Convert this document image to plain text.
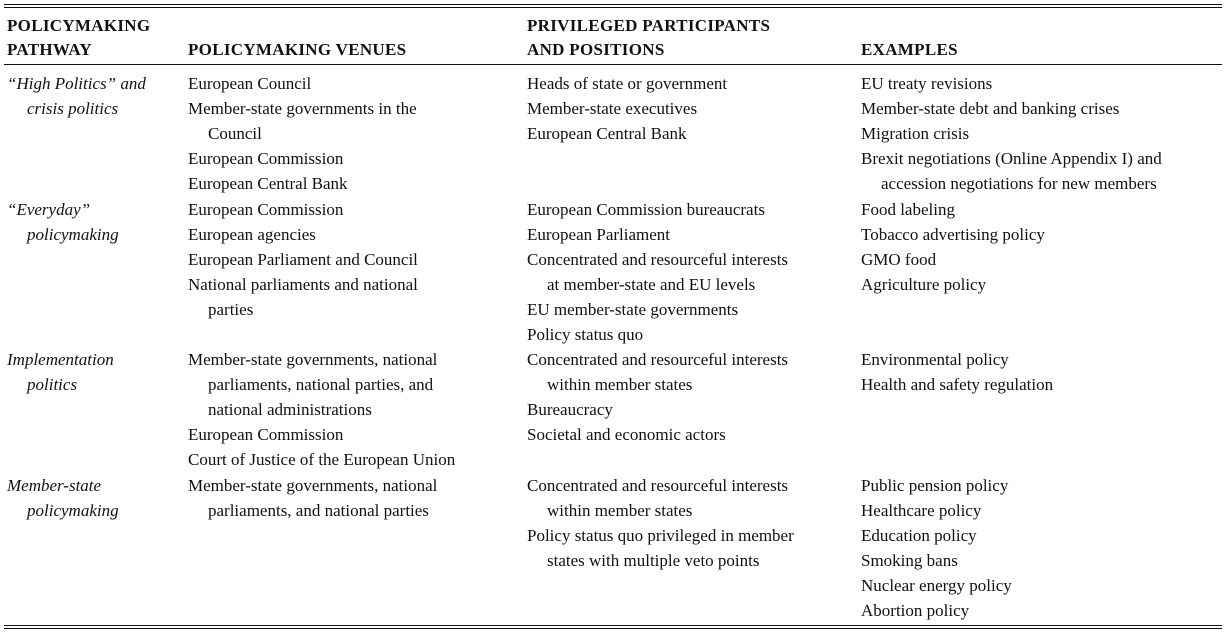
POLICYMAKING
PATHWAY	POLICYMAKING VENUES
PRIVILEGED PARTICIPANTS
AND POSITIONS	EXAMPLES
“High Politics” and
crisis politics
European Council
Member-state governments in the
Council
European Commission
European Central Bank
Heads of state or government
Member-state executives
European Central Bank
EU treaty revisions
Member-state debt and banking crises
Migration crisis
Brexit negotiations (Online Appendix I) and
accession negotiations for new members
“Everyday”
policymaking
European Commission
European agencies
European Parliament and Council
National parliaments and national
parties
European Commission bureaucrats
European Parliament
Concentrated and resourceful interests
at member-state and EU levels
EU member-state governments
Policy status quo
Food labeling
Tobacco advertising policy
GMO food
Agriculture policy
Implementation
politics
Member-state governments, national
parliaments, national parties, and
national administrations
European Commission
Court of Justice of the European Union
Concentrated and resourceful interests
within member states
Bureaucracy
Societal and economic actors
Environmental policy
Health and safety regulation
Member-state
policymaking
Member-state governments, national
parliaments, and national parties
Concentrated and resourceful interests
within member states
Policy status quo privileged in member
states with multiple veto points
Public pension policy
Healthcare policy
Education policy
Smoking bans
Nuclear energy policy
Abortion policy
